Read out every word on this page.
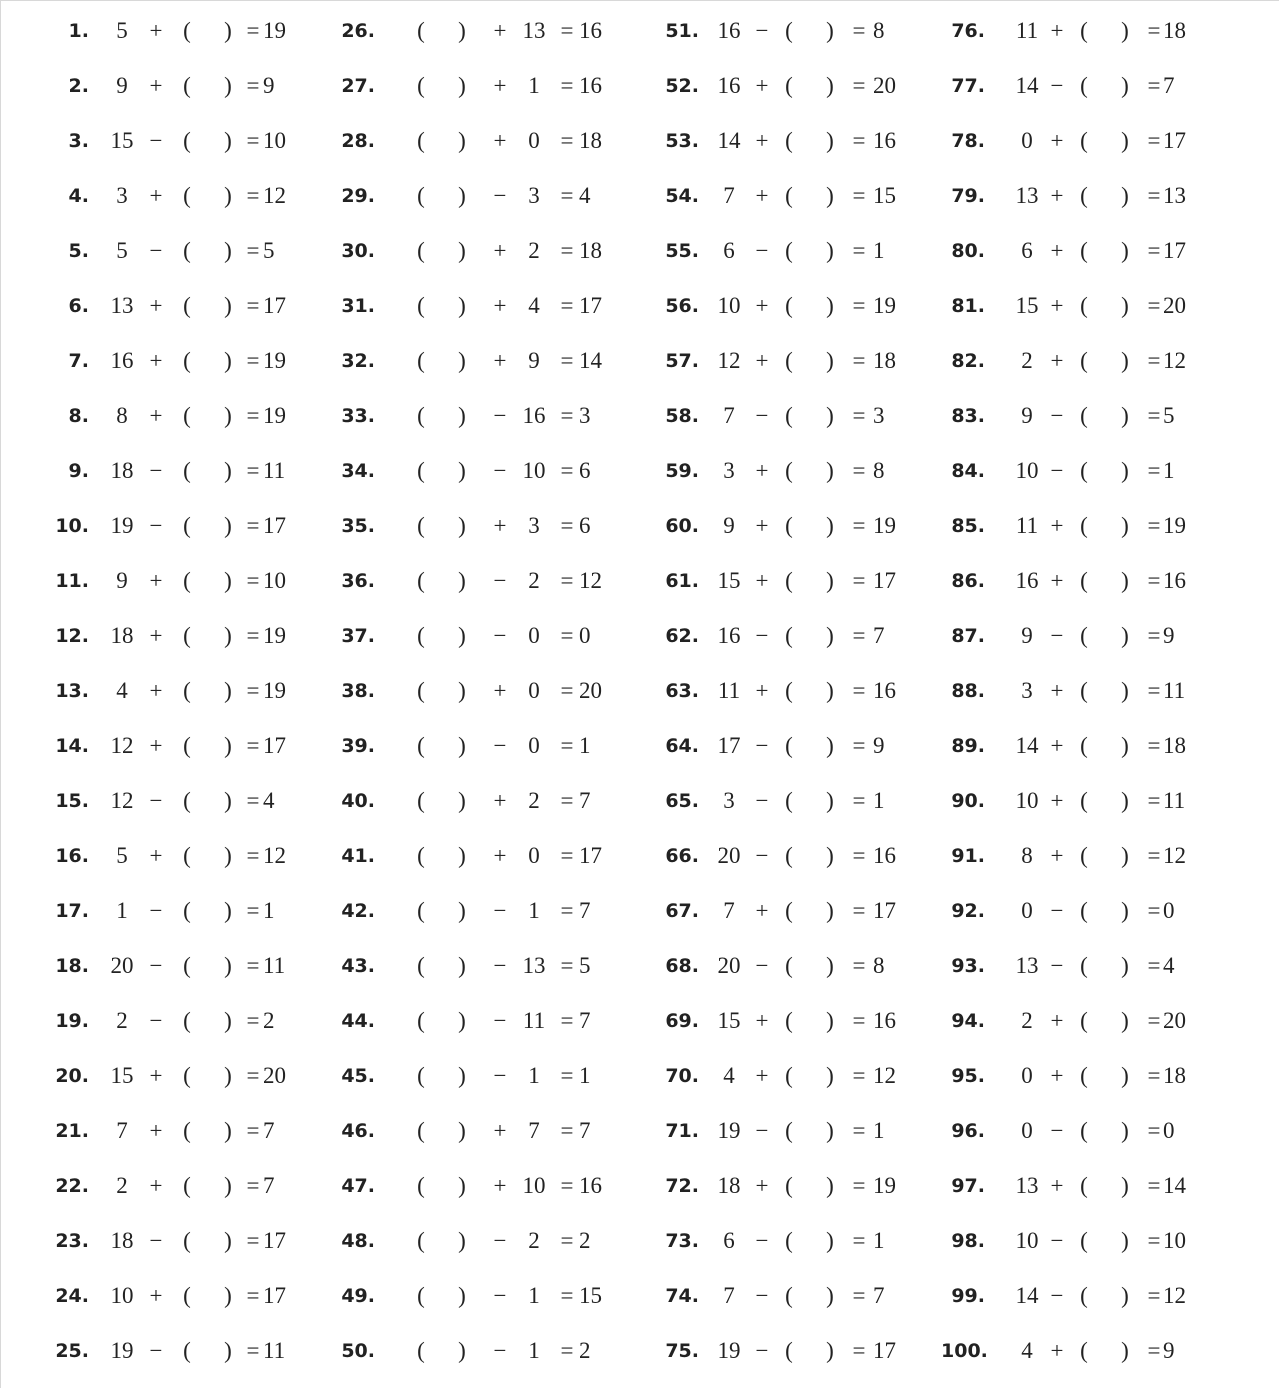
1.	5 + ( ) = 19
2.	9 + ( ) = 9
3. 15 − ( ) = 10
4.	3 + ( ) = 12
5.	5 − ( ) = 5
6. 13 + ( ) = 17
7. 16 + ( ) = 19
8.	8 + ( ) = 19
9. 18 − ( ) = 11
10. 19 − ( ) = 17
11.	9 + ( ) = 10
12. 18 + ( ) = 19
13.	4 + ( ) = 19
14. 12 + ( ) = 17
15. 12 − ( ) = 4
16.	5 + ( ) = 12
17.	1 − ( ) = 1
18. 20 − ( ) = 11
19.	2 − ( ) = 2
20. 15 + ( ) = 20
21.	7 + ( ) = 7
22.	2 + ( ) = 7
23. 18 − ( ) = 17
24. 10 + ( ) = 17
25. 19 − ( ) = 11
26. ( ) + 13 = 16
27. ( ) + 1 = 16
28. ( ) + 0 = 18
29. ( ) − 3 = 4
30. ( ) + 2 = 18
31. ( ) + 4 = 17
32. ( ) + 9 = 14
33. ( ) − 16 = 3
34. ( ) − 10 = 6
35. ( ) + 3 = 6
36. ( ) − 2 = 12
37. ( ) − 0 = 0
38. ( ) + 0 = 20
39. ( ) − 0 = 1
40. ( ) + 2 = 7
41. ( ) + 0 = 17
42. ( ) − 1 = 7
43. ( ) − 13 = 5
44. ( ) − 11 = 7
45. ( ) − 1 = 1
46. ( ) + 7 = 7
47. ( ) + 10 = 16
48. ( ) − 2 = 2
49. ( ) − 1 = 15
50. ( ) − 1 = 2
51. 16 − ( ) = 8
52. 16 + ( ) = 20
53. 14 + ( ) = 16
54.	7 + ( ) = 15
55.	6 − ( ) = 1
56. 10 + ( ) = 19
57. 12 + ( ) = 18
58.	7 − ( ) = 3
59.	3 + ( ) = 8
60.	9 + ( ) = 19
61. 15 + ( ) = 17
62. 16 − ( ) = 7
63. 11 + ( ) = 16
64. 17 − ( ) = 9
65.	3 − ( ) = 1
66. 20 − ( ) = 16
67.	7 + ( ) = 17
68. 20 − ( ) = 8
69. 15 + ( ) = 16
70.	4 + ( ) = 12
71. 19 − ( ) = 1
72. 18 + ( ) = 19
73.	6 − ( ) = 1
74.	7 − ( ) = 7
75. 19 − ( ) = 17
76. 11 + ( ) = 18
77. 14 − ( ) = 7
78.	0 + ( ) = 17
79. 13 + ( ) = 13
80.	6 + ( ) = 17
81. 15 + ( ) = 20
82.	2 + ( ) = 12
83.	9 − ( ) = 5
84. 10 − ( ) = 1
85. 11 + ( ) = 19
86. 16 + ( ) = 16
87.	9 − ( ) = 9
88.	3 + ( ) = 11
89. 14 + ( ) = 18
90. 10 + ( ) = 11
91.	8 + ( ) = 12
92.	0 − ( ) = 0
93. 13 − ( ) = 4
94.	2 + ( ) = 20
95.	0 + ( ) = 18
96.	0 − ( ) = 0
97. 13 + ( ) = 14
98. 10 − ( ) = 10
99. 14 − ( ) = 12
100.	4 + ( ) = 9
